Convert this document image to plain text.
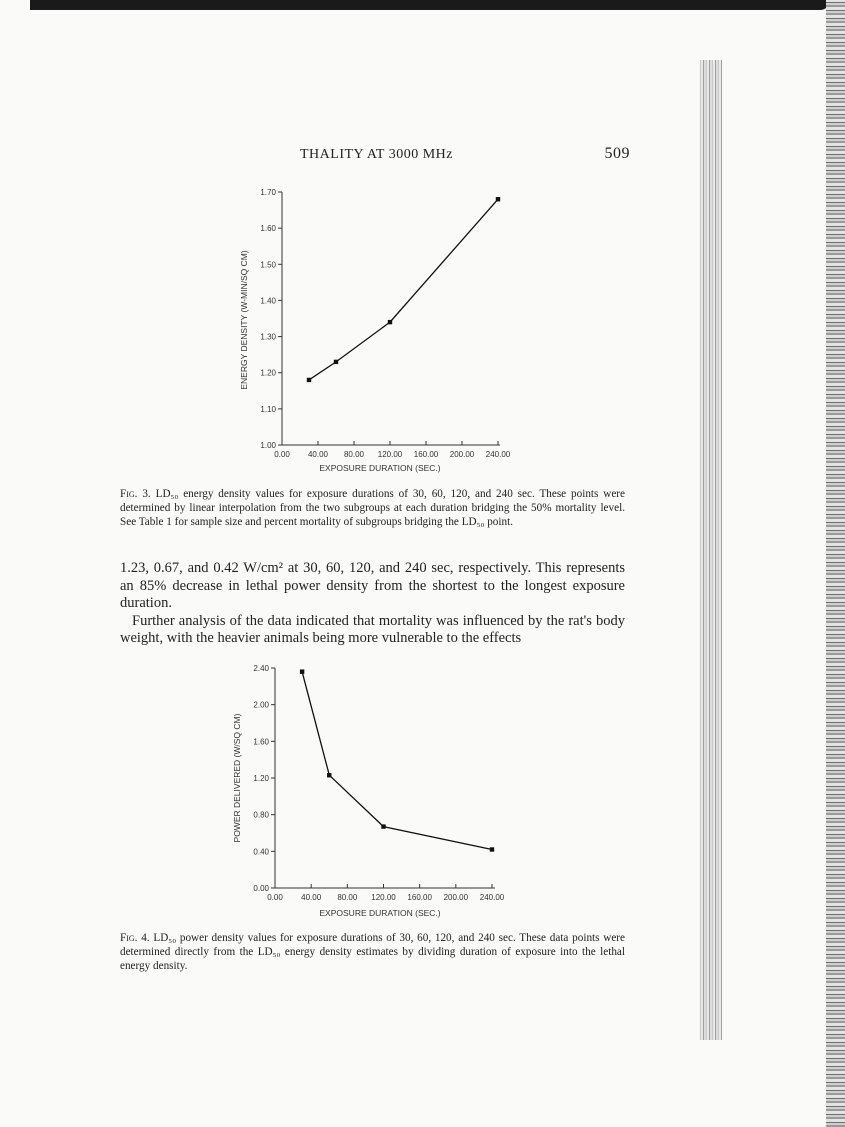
THALITY AT 3000 MHz	509
1.00
1.10
1.20
1.30
1.40
1.50
1.60
1.70
0.00 40.00 80.00 120.00 160.00 200.00 240.00
ENERGY DENSITY (W-MIN/SQ CM)
EXPOSURE DURATION (SEC.)
Fig. 3. LD₅₀ energy density values for exposure durations of 30, 60, 120, and 240 sec. These points were determined by linear interpolation from the two subgroups at each duration bridging the 50% mortality level. See Table 1 for sample size and percent mortality of subgroups bridging the LD₅₀ point.

1.23, 0.67, and 0.42 W/cm² at 30, 60, 120, and 240 sec, respectively. This represents an 85% decrease in lethal power density from the shortest to the longest exposure duration.

Further analysis of the data indicated that mortality was influenced by the rat's body weight, with the heavier animals being more vulnerable to the effects

0.00
0.40
0.80
1.20
1.60
2.00
2.40
0.00 40.00 80.00 120.00 160.00 200.00 240.00
POWER DELIVERED (W/SQ CM)
EXPOSURE DURATION (SEC.)
Fig. 4. LD₅₀ power density values for exposure durations of 30, 60, 120, and 240 sec. These data points were determined directly from the LD₅₀ energy density estimates by dividing duration of exposure into the lethal energy density.
